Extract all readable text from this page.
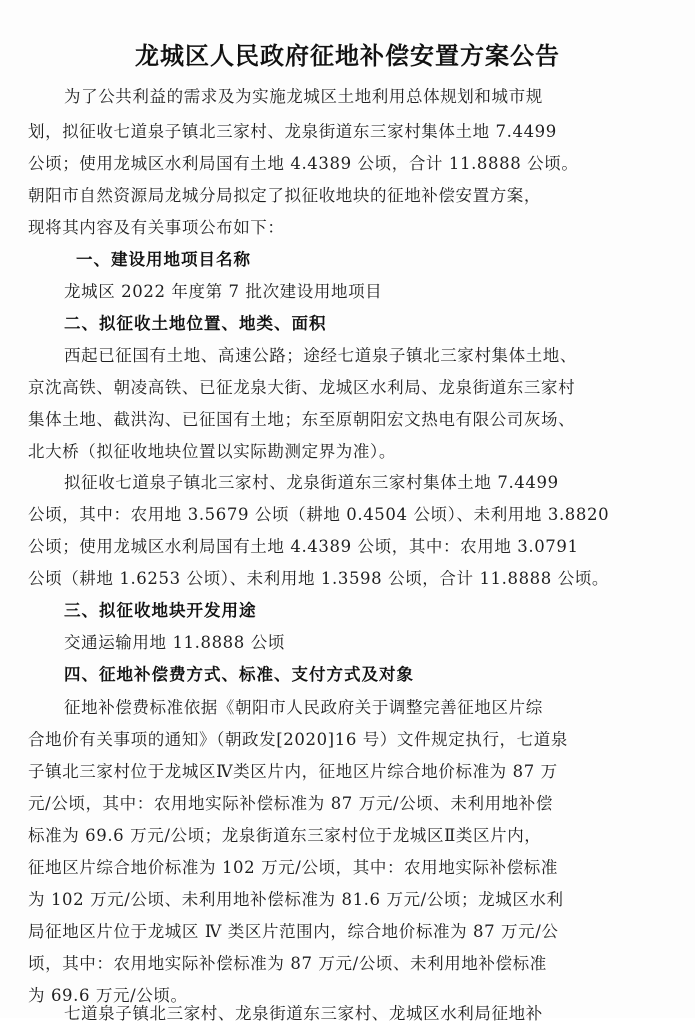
龙城区人民政府征地补偿安置方案公告
为了公共利益的需求及为实施龙城区土地利用总体规划和城市规
划，拟征收七道泉子镇北三家村、龙泉街道东三家村集体土地 7.4499
公顷；使用龙城区水利局国有土地 4.4389 公顷，合计 11.8888 公顷。
朝阳市自然资源局龙城分局拟定了拟征收地块的征地补偿安置方案，
现将其内容及有关事项公布如下：
一、建设用地项目名称
龙城区 2022 年度第 7 批次建设用地项目
二、拟征收土地位置、地类、面积
西起已征国有土地、高速公路；途经七道泉子镇北三家村集体土地、
京沈高铁、朝凌高铁、已征龙泉大街、龙城区水利局、龙泉街道东三家村
集体土地、截洪沟、已征国有土地；东至原朝阳宏文热电有限公司灰场、
北大桥（拟征收地块位置以实际勘测定界为准）。
拟征收七道泉子镇北三家村、龙泉街道东三家村集体土地 7.4499
公顷，其中：农用地 3.5679 公顷（耕地 0.4504 公顷）、未利用地 3.8820
公顷；使用龙城区水利局国有土地 4.4389 公顷，其中：农用地 3.0791
公顷（耕地 1.6253 公顷）、未利用地 1.3598 公顷，合计 11.8888 公顷。
三、拟征收地块开发用途
交通运输用地 11.8888 公顷
四、征地补偿费方式、标准、支付方式及对象
征地补偿费标准依据《朝阳市人民政府关于调整完善征地区片综
合地价有关事项的通知》（朝政发[2020]16 号）文件规定执行，七道泉
子镇北三家村位于龙城区Ⅳ类区片内，征地区片综合地价标准为 87 万
元/公顷，其中：农用地实际补偿标准为 87 万元/公顷、未利用地补偿
标准为 69.6 万元/公顷；龙泉街道东三家村位于龙城区Ⅱ类区片内，
征地区片综合地价标准为 102 万元/公顷，其中：农用地实际补偿标准
为 102 万元/公顷、未利用地补偿标准为 81.6 万元/公顷；龙城区水利
局征地区片位于龙城区 Ⅳ 类区片范围内，综合地价标准为 87 万元/公
顷，其中：农用地实际补偿标准为 87 万元/公顷、未利用地补偿标准
为 69.6 万元/公顷。
七道泉子镇北三家村、龙泉街道东三家村、龙城区水利局征地补
